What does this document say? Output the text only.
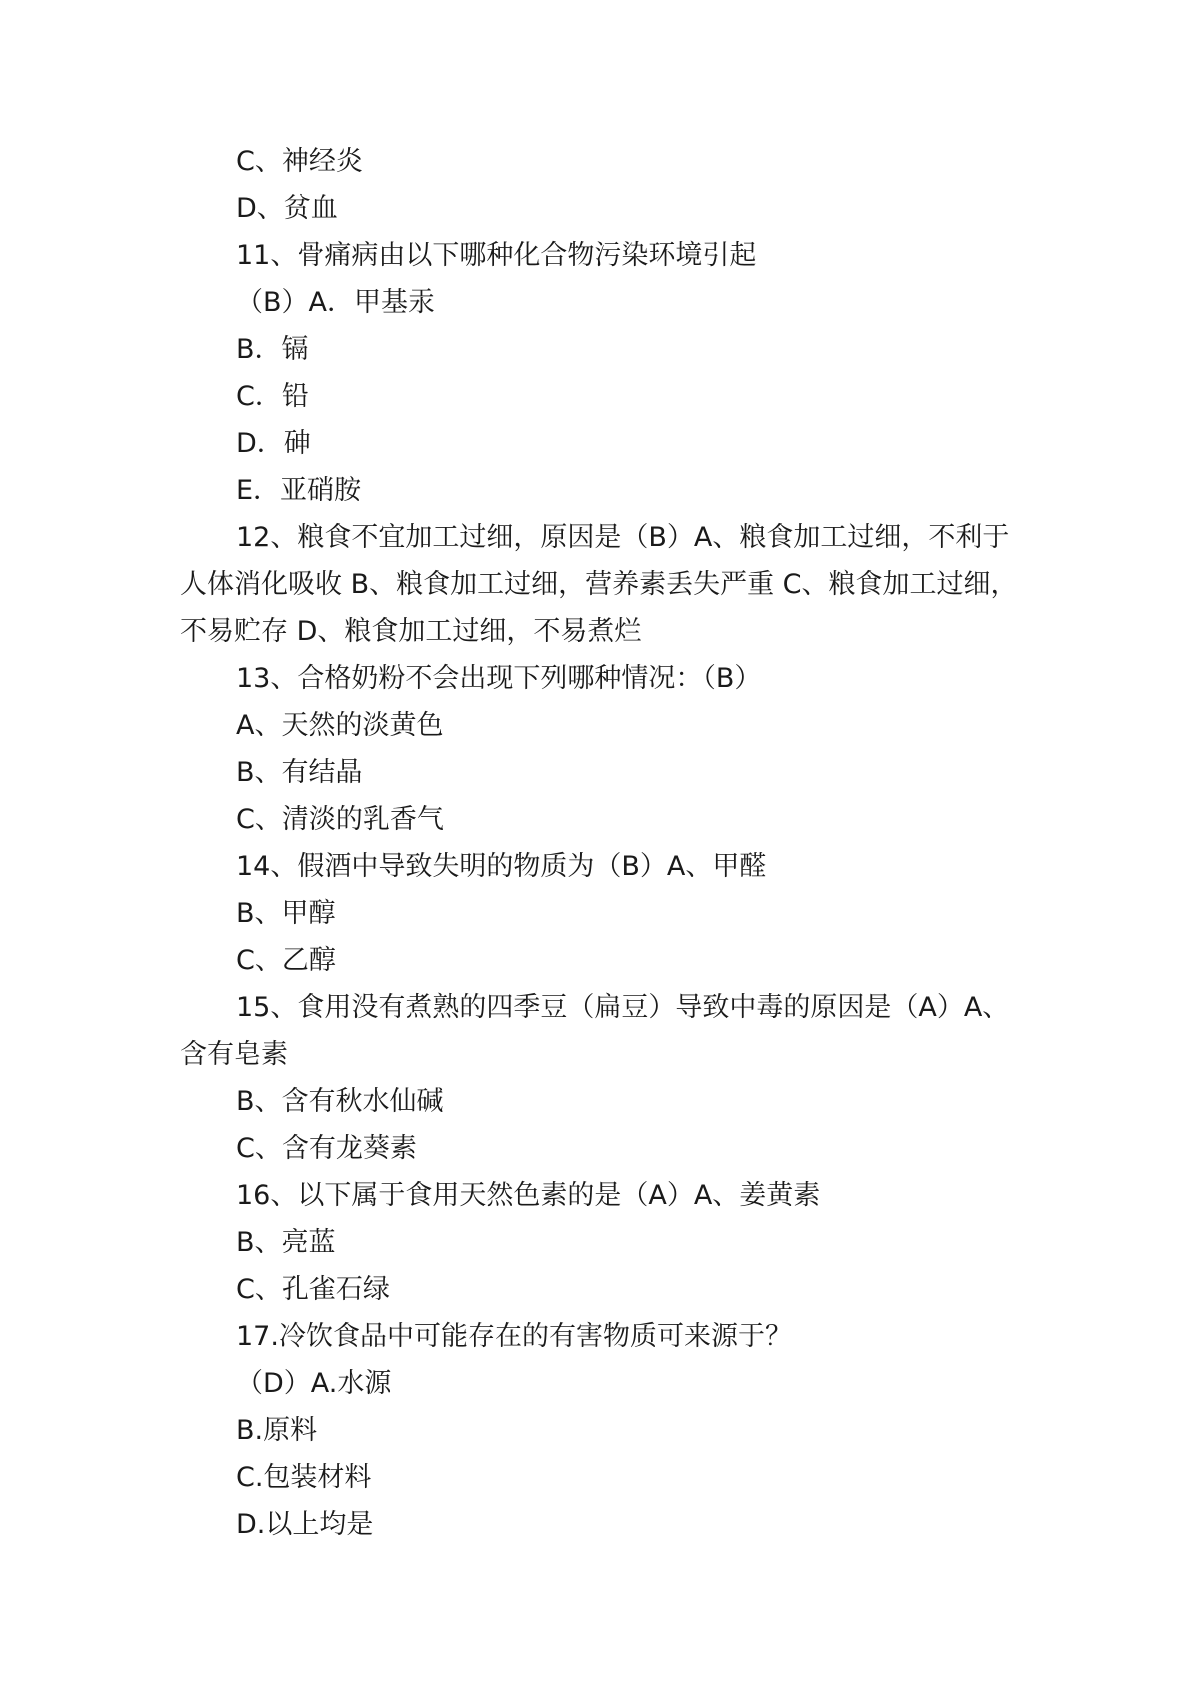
C、神经炎
D、贫血
11、骨痛病由以下哪种化合物污染环境引起
（B）A．甲基汞
B．镉
C．铅
D．砷
E．亚硝胺
12、粮食不宜加工过细，原因是（B）A、粮食加工过细，不利于
人体消化吸收 B、粮食加工过细，营养素丢失严重 C、粮食加工过细，
不易贮存 D、粮食加工过细，不易煮烂
13、合格奶粉不会出现下列哪种情况：（B）
A、天然的淡黄色
B、有结晶
C、清淡的乳香气
14、假酒中导致失明的物质为（B）A、甲醛
B、甲醇
C、乙醇
15、食用没有煮熟的四季豆（扁豆）导致中毒的原因是（A）A、
含有皂素
B、含有秋水仙碱
C、含有龙葵素
16、以下属于食用天然色素的是（A）A、姜黄素
B、亮蓝
C、孔雀石绿
17.冷饮食品中可能存在的有害物质可来源于？
（D）A.水源
B.原料
C.包装材料
D.以上均是
